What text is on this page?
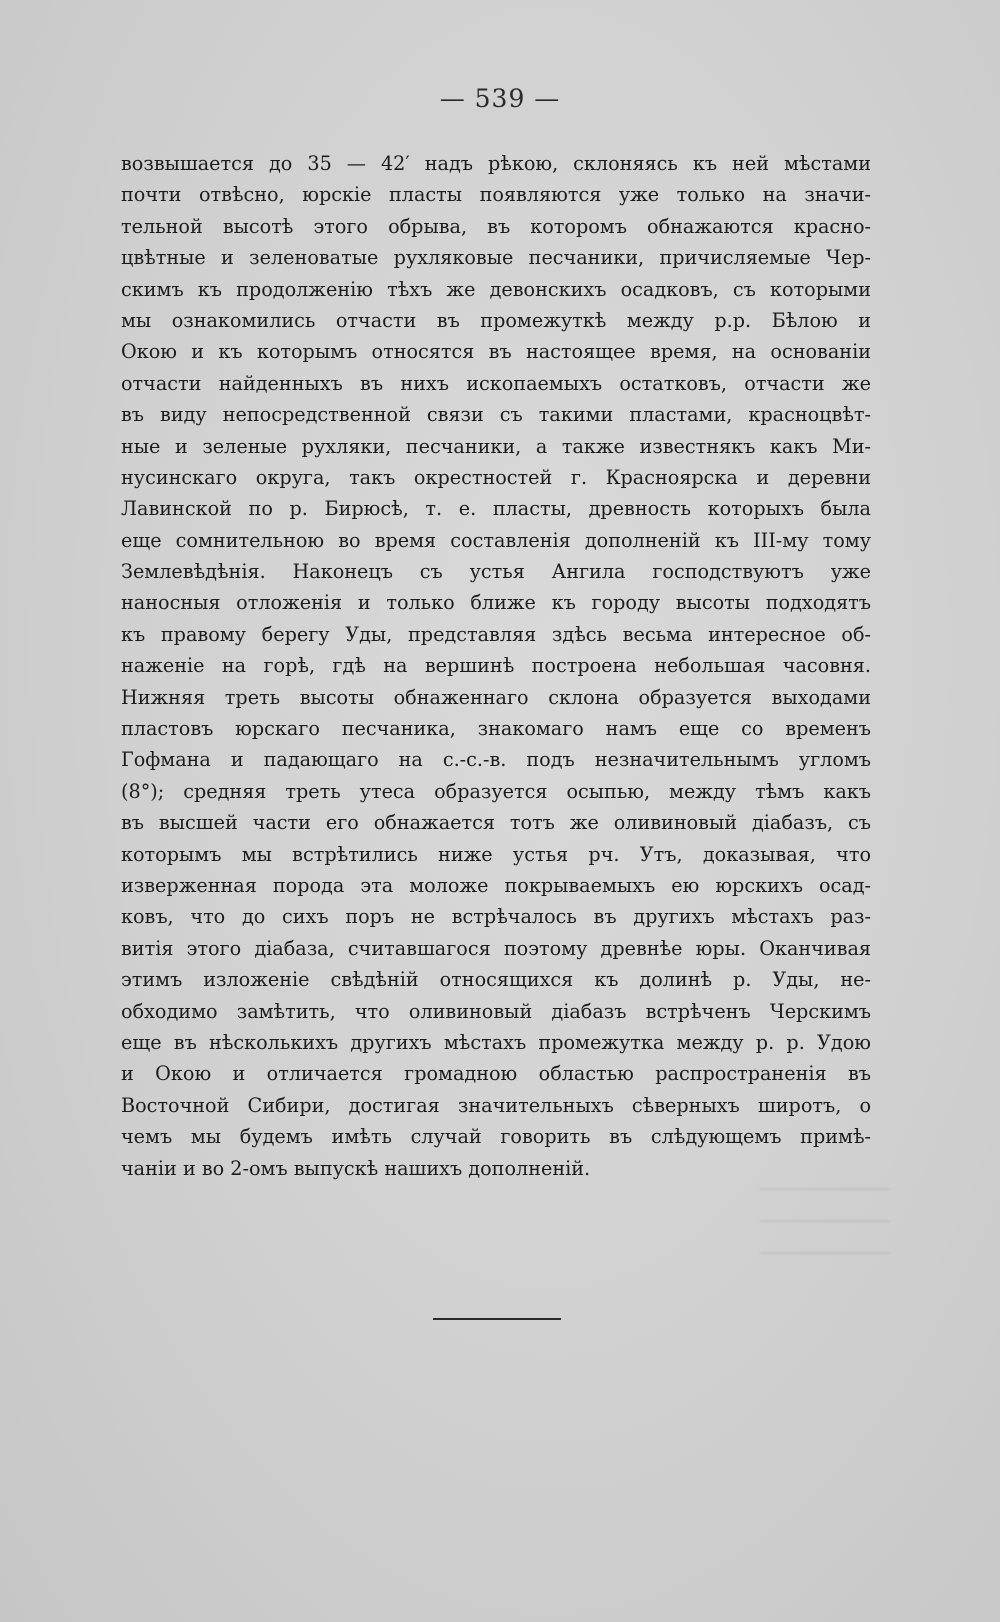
— 539 —
возвышается до 35 — 42′ надъ рѣкою, склоняясь къ ней мѣстами
почти отвѣсно, юрскіе пласты появляются уже только на значи-
тельной высотѣ этого обрыва, въ которомъ обнажаются красно-
цвѣтные и зеленоватые рухляковые песчаники, причисляемые Чер-
скимъ къ продолженію тѣхъ же девонскихъ осадковъ, съ которыми
мы ознакомились отчасти въ промежуткѣ между р.р. Бѣлою и
Окою и къ которымъ относятся въ настоящее время, на основаніи
отчасти найденныхъ въ нихъ ископаемыхъ остатковъ, отчасти же
въ виду непосредственной связи съ такими пластами, красноцвѣт-
ные и зеленые рухляки, песчаники, а также известнякъ какъ Ми-
нусинскаго округа, такъ окрестностей г. Красноярска и деревни
Лавинской по р. Бирюсѣ, т. е. пласты, древность которыхъ была
еще сомнительною во время составленія дополненій къ III-му тому
Землевѣдѣнія. Наконецъ съ устья Ангила господствуютъ уже
наносныя отложенія и только ближе къ городу высоты подходятъ
къ правому берегу Уды, представляя здѣсь весьма интересное об-
наженіе на горѣ, гдѣ на вершинѣ построена небольшая часовня.
Нижняя треть высоты обнаженнаго склона образуется выходами
пластовъ юрскаго песчаника, знакомаго намъ еще со временъ
Гофмана и падающаго на с.-с.-в. подъ незначительнымъ угломъ
(8°); средняя треть утеса образуется осыпью, между тѣмъ какъ
въ высшей части его обнажается тотъ же оливиновый діабазъ, съ
которымъ мы встрѣтились ниже устья рч. Утъ, доказывая, что
изверженная порода эта моложе покрываемыхъ ею юрскихъ осад-
ковъ, что до сихъ поръ не встрѣчалось въ другихъ мѣстахъ раз-
витія этого діабаза, считавшагося поэтому древнѣе юры. Оканчивая
этимъ изложеніе свѣдѣній относящихся къ долинѣ р. Уды, не-
обходимо замѣтить, что оливиновый діабазъ встрѣченъ Черскимъ
еще въ нѣсколькихъ другихъ мѣстахъ промежутка между р. р. Удою
и Окою и отличается громадною областью распространенія въ
Восточной Сибири, достигая значительныхъ сѣверныхъ широтъ, о
чемъ мы будемъ имѣть случай говорить въ слѣдующемъ примѣ-
чаніи и во 2-омъ выпускѣ нашихъ дополненій.
